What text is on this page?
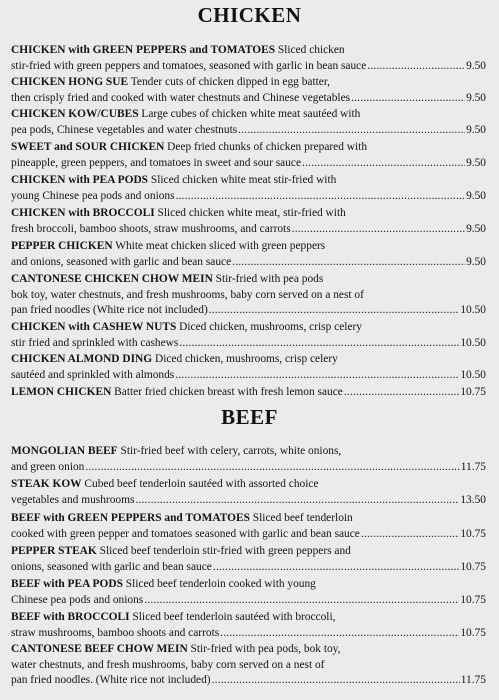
CHICKEN
CHICKEN with GREEN PEPPERS and TOMATOES Sliced chicken
stir-fried with green peppers and tomatoes, seasoned with garlic in bean sauce .....	9.50
CHICKEN HONG SUE Tender cuts of chicken dipped in egg batter,
then crisply fried and cooked with water chestnuts and Chinese vegetables .....	9.50
CHICKEN KOW/CUBES Large cubes of chicken white meat sautéed with
pea pods, Chinese vegetables and water chestnuts .....	9.50
SWEET and SOUR CHICKEN Deep fried chunks of chicken prepared with
pineapple, green peppers, and tomatoes in sweet and sour sauce .....	9.50
CHICKEN with PEA PODS Sliced chicken white meat stir-fried with
young Chinese pea pods and onions .....	9.50
CHICKEN with BROCCOLI Sliced chicken white meat, stir-fried with
fresh broccoli, bamboo shoots, straw mushrooms, and carrots .....	9.50
PEPPER CHICKEN White meat chicken sliced with green peppers
and onions, seasoned with garlic and bean sauce .....	9.50
CANTONESE CHICKEN CHOW MEIN Stir-fried with pea pods
bok toy, water chestnuts, and fresh mushrooms, baby corn served on a nest of
pan fried noodles (White rice not included) .....	10.50
CHICKEN with CASHEW NUTS Diced chicken, mushrooms, crisp celery
stir fried and sprinkled with cashews .....	10.50
CHICKEN ALMOND DING Diced chicken, mushrooms, crisp celery
sautéed and sprinkled with almonds .....	10.50
LEMON CHICKEN Batter fried chicken breast with fresh lemon sauce .....	10.75
BEEF
MONGOLIAN BEEF Stir-fried beef with celery, carrots, white onions,
and green onion .....	11.75
STEAK KOW Cubed beef tenderloin sautéed with assorted choice
vegetables and mushrooms .....	13.50
BEEF with GREEN PEPPERS and TOMATOES Sliced beef tenderloin
cooked with green pepper and tomatoes seasoned with garlic and bean sauce .....	10.75
PEPPER STEAK Sliced beef tenderloin stir-fried with green peppers and
onions, seasoned with garlic and bean sauce .....	10.75
BEEF with PEA PODS Sliced beef tenderloin cooked with young
Chinese pea pods and onions .....	10.75
BEEF with BROCCOLI Sliced beef tenderloin sautéed with broccoli,
straw mushrooms, bamboo shoots and carrots .....	10.75
CANTONESE BEEF CHOW MEIN Stir-fried with pea pods, bok toy,
water chestnuts, and fresh mushrooms, baby corn served on a nest of
pan fried noodles. (White rice not included) .....	11.75
